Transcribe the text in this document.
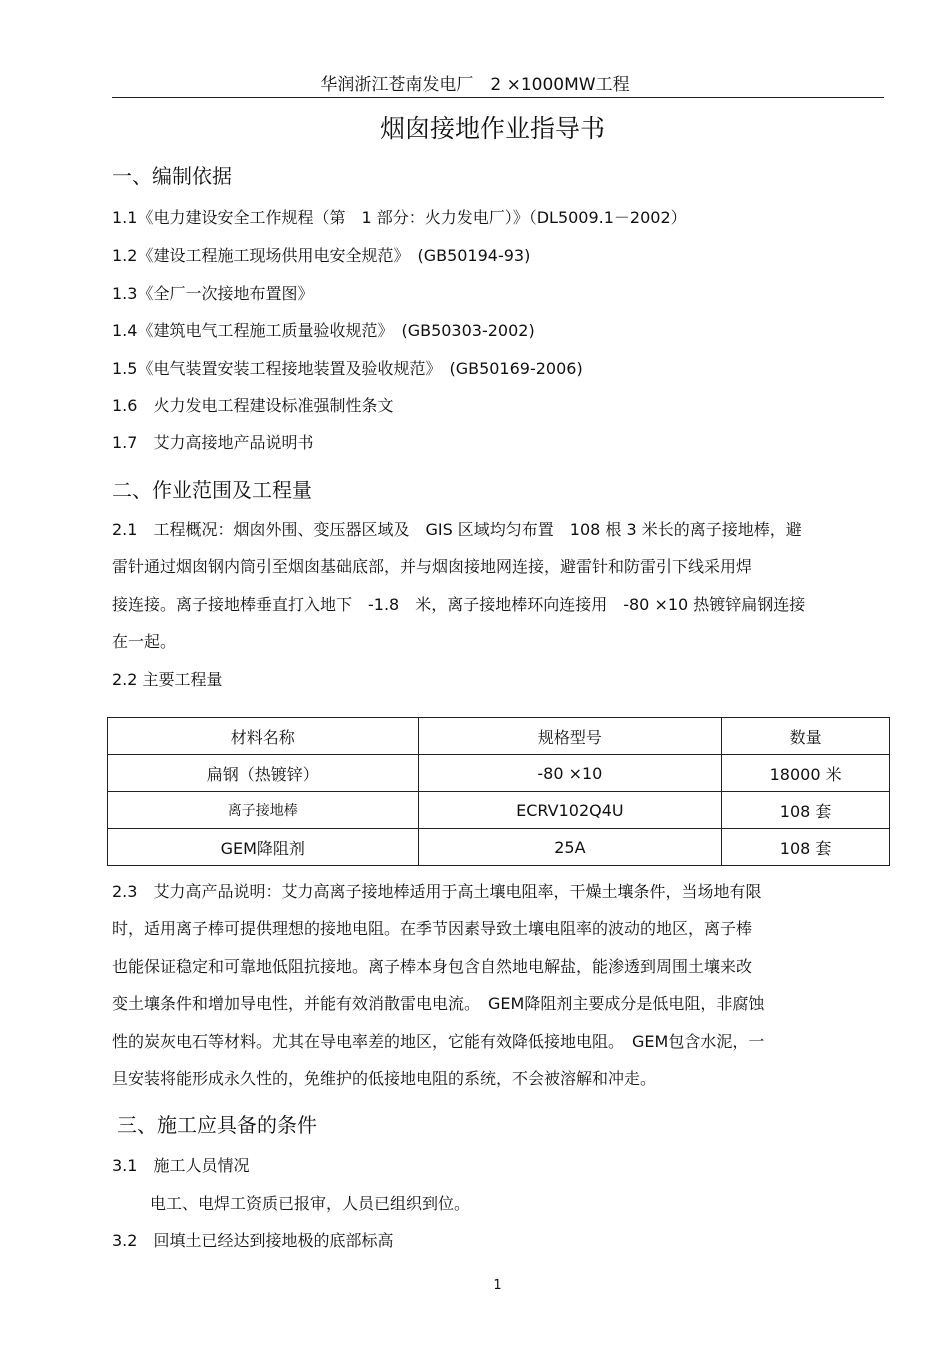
华润浙江苍南发电厂　2 ×1000MW工程
烟囱接地作业指导书
一、编制依据
1.1《电力建设安全工作规程（第　1 部分：火力发电厂）》（DL5009.1－2002）
1.2《建设工程施工现场供用电安全规范》　(GB50194-93)
1.3《全厂一次接地布置图》
1.4《建筑电气工程施工质量验收规范》　(GB50303-2002)
1.5《电气装置安装工程接地装置及验收规范》　(GB50169-2006)
1.6　火力发电工程建设标准强制性条文
1.7　艾力高接地产品说明书
二、作业范围及工程量
2.1　工程概况：烟囱外围、变压器区域及　GIS 区域均匀布置　108 根 3 米长的离子接地棒，避
雷针通过烟囱钢内筒引至烟囱基础底部，并与烟囱接地网连接，避雷针和防雷引下线采用焊
接连接。离子接地棒垂直打入地下　-1.8　米，离子接地棒环向连接用　-80 ×10 热镀锌扁钢连接
在一起。
2.2 主要工程量
材料名称	规格型号	数量
扁钢（热镀锌）	-80 ×10	18000 米
离子接地棒	ECRV102Q4U	108 套
GEM降阻剂	25A	108 套
2.3　艾力高产品说明：艾力高离子接地棒适用于高土壤电阻率，干燥土壤条件，当场地有限
时，适用离子棒可提供理想的接地电阻。在季节因素导致土壤电阻率的波动的地区，离子棒
也能保证稳定和可靠地低阻抗接地。离子棒本身包含自然地电解盐，能渗透到周围土壤来改
变土壤条件和增加导电性，并能有效消散雷电电流。　GEM降阻剂主要成分是低电阻，非腐蚀
性的炭灰电石等材料。尤其在导电率差的地区，它能有效降低接地电阻。　GEM包含水泥，一
旦安装将能形成永久性的，免维护的低接地电阻的系统，不会被溶解和冲走。
三、施工应具备的条件
3.1　施工人员情况
电工、电焊工资质已报审，人员已组织到位。
3.2　回填土已经达到接地极的底部标高
1
